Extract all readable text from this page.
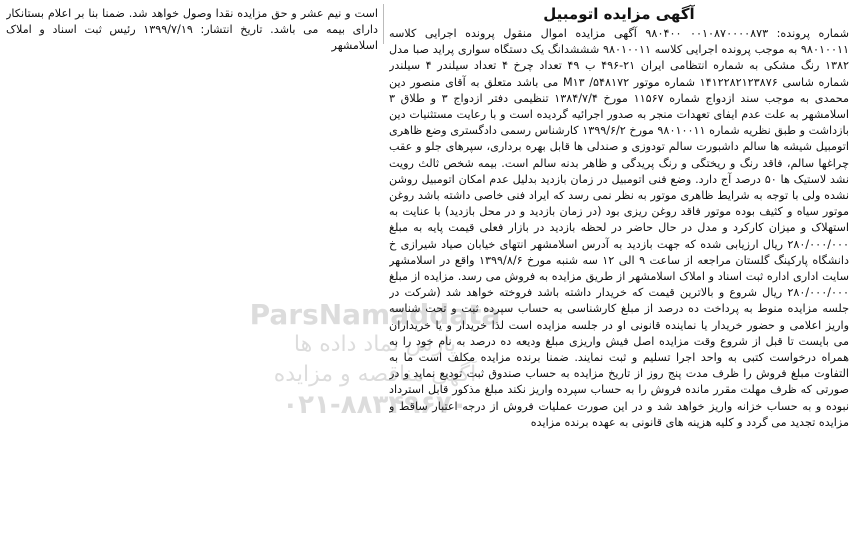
آگهی مزایده اتومبیل

شماره پرونده: ۰۰۱۰۸۷۰۰۰۰۸۷۳ ۹۸۰۴۰۰ آگهی مزایده اموال منقول پرونده اجرایی کلاسه ۹۸۰۱۰۰۱۱ به موجب پرونده اجرایی کلاسه ۹۸۰۱۰۰۱۱ شششدانگ یک دستگاه سواری پراید صبا مدل ۱۳۸۲ رنگ مشکی به شماره انتظامی ایران ۲۱-۴۹۶ ب ۴۹ تعداد چرخ ۴ تعداد سیلندر ۴ سیلندر شماره شاسی ۱۴۱۲۲۸۲۱۲۳۸۷۶ شماره موتور ۵۴۸۱۷۲/ M۱۳ می باشد متعلق به آقای منصور دین محمدی به موجب سند ازدواج شماره ۱۱۵۶۷ مورخ ۱۳۸۴/۷/۴ تنظیمی دفتر ازدواج ۳ و طلاق ۳ اسلامشهر به علت عدم ایفای تعهدات منجر به صدور اجرائیه گردیده است و با رعایت مستثنیات دین بازداشت و طبق نظریه شماره ۹۸۰۱۰۰۱۱ مورخ ۱۳۹۹/۶/۲ کارشناس رسمی دادگستری وضع ظاهری اتومبیل شیشه ها سالم داشبورت سالم تودوزی و صندلی ها قابل بهره برداری، سپرهای جلو و عقب چراغها سالم، فاقد رنگ و ریختگی و رنگ پریدگی و ظاهر بدنه سالم است. بیمه شخص ثالث رویت نشد لاستیک ها ۵۰ درصد آج دارد. وضع فنی اتومبیل در زمان بازدید بدلیل عدم امکان اتومبیل روشن نشده ولی با توجه به شرایط ظاهری موتور به نظر نمی رسد که ایراد فنی خاصی داشته باشد روغن موتور سیاه و کثیف بوده موتور فاقد روغن ریزی بود (در زمان بازدید و در محل بازدید) با عنایت به استهلاک و میزان کارکرد و مدل در حال حاضر در لحظه بازدید در بازار فعلی قیمت پایه به مبلغ ۲۸۰/۰۰۰/۰۰۰ ریال ارزیابی شده که جهت بازدید به آدرس اسلامشهر انتهای خیابان صیاد شیرازی خ دانشگاه پارکینگ گلستان مراجعه از ساعت ۹ الی ۱۲ سه شنبه مورخ ۱۳۹۹/۸/۶ واقع در اسلامشهر سایت اداری اداره ثبت اسناد و املاک اسلامشهر از طریق مزایده به فروش می رسد. مزایده از مبلغ ۲۸۰/۰۰۰/۰۰۰ ریال شروع و بالاترین قیمت که خریدار داشته باشد فروخته خواهد شد (شرکت در جلسه مزایده منوط به پرداخت ده درصد از مبلغ کارشناسی به حساب سپرده ثبت و تحت شناسه واریز اعلامی و حضور خریدار یا نماینده قانونی او در جلسه مزایده است لذا خریدار و یا خریداران می بایست تا قبل از شروع وقت مزایده اصل فیش واریزی مبلغ ودیعه ده درصد به نام خود را به همراه درخواست کتبی به واحد اجرا تسلیم و ثبت نمایند. ضمنا برنده مزایده مکلف است ما به التفاوت مبلغ فروش را ظرف مدت پنج روز از تاریخ مزایده به حساب صندوق ثبت تودیع نماید و در صورتی که ظرف مهلت مقرر مانده فروش را به حساب سپرده واریز نکند مبلغ مذکور قابل استرداد نبوده و به حساب خزانه واریز خواهد شد و در این صورت عملیات فروش از درجه اعتبار ساقط و مزایده تجدید می گردد و کلیه هزینه های قانونی به عهده برنده مزایده

است و نیم عشر و حق مزایده نقدا وصول خواهد شد. ضمنا بنا بر اعلام بستانکار دارای بیمه می باشد. تاریخ انتشار: ۱۳۹۹/۷/۱۹ رئیس ثبت اسناد و املاک اسلامشهر

ParsNamaddata
پارس نماد داده ها
آگهی مناقصه و مزایده
۰۲۱-۸۸۳۴۹۶۷۰
